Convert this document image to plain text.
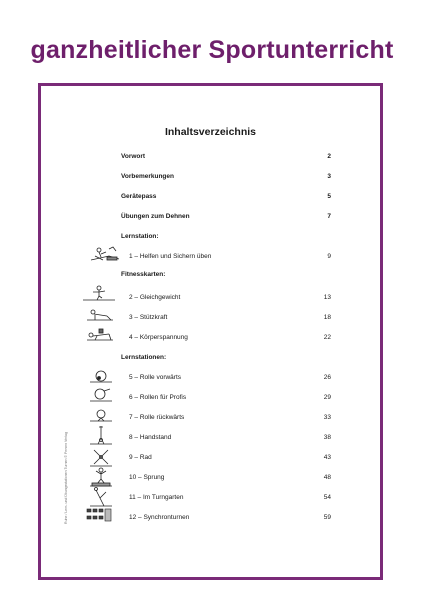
ganzheitlicher Sportunterricht
Inhaltsverzeichnis
Vorwort	2
Vorbemerkungen	3
Gerätepass	5
Übungen zum Dehnen	7
Lernstation:
1 – Helfen und Sichern üben	9
Fitnesskarten:
2 – Gleichgewicht	13
3 – Stützkraft	18
4 – Körperspannung	22
Lernstationen:
5 – Rolle vorwärts	26
6 – Rollen für Profis	29
7 – Rolle rückwärts	33
8 – Handstand	38
9 – Rad	43
10 – Sprung	48
11 – Im Turngarten	54
12 – Synchronturnen	59
Ruhe / Lern- und Übungsstationen Turnen © Persen Verlag
